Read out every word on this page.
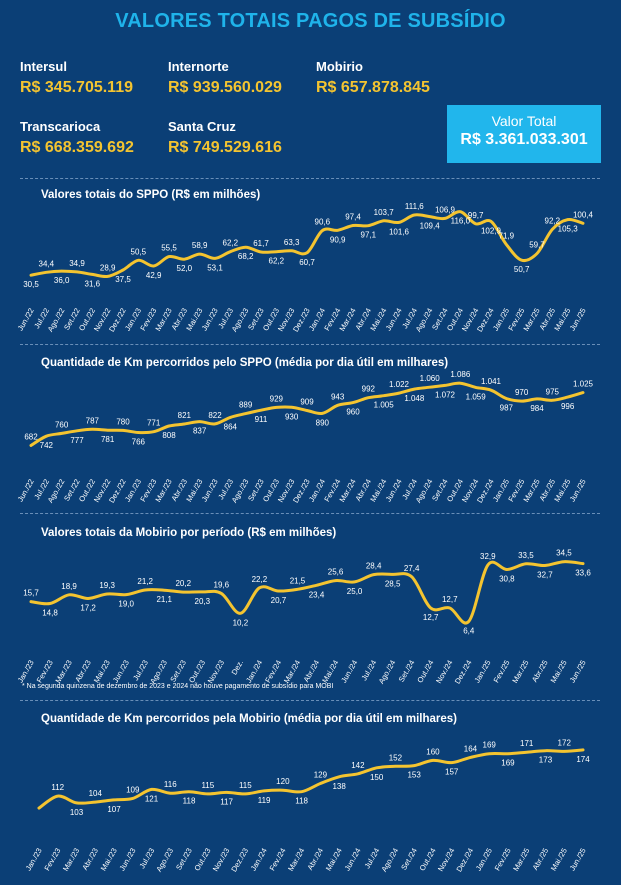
VALORES TOTAIS PAGOS DE SUBSÍDIO
Intersul
R$ 345.705.119
Internorte
R$ 939.560.029
Mobirio
R$ 657.878.845
Transcarioca
R$ 668.359.692
Santa Cruz
R$ 749.529.616
Valor Total
R$ 3.361.033.301
Valores totais do SPPO (R$ em milhões)
30,5
Jun./22
34,4
Jul./22
36,0
Ago./22
34,9
Set./22
31,6
Out./22
28,9
Nov./22
37,5
Dez./22
50,5
Jan./23
42,9
Fev./23
55,5
Mar./23
52,0
Abr./23
58,9
Mai./23
53,1
Jun./23
62,2
Jul./23
68,2
Ago./23
61,7
Set./23
62,2
Out./23
63,3
Nov./23
60,7
Dez./23
90,6
Jan./24
90,9
Fev./24
97,4
Mar./24
97,1
Abr./24
103,7
Mai./24
101,6
Jun./24
111,6
Jul./24
109,4
Ago./24
106,9
Set./24
116,0
Out./24
99,7
Nov./24
102,9
Dez./24
71,9
Jan./25
50,7
Fev./25
59,7
Mar./25
92,2
Abr./25
105,3
Mai./25
100,4
Jun./25
Quantidade de Km percorridos pelo SPPO (média por dia útil em milhares)
682
Jun./22
742
Jul./22
760
Ago./22
777
Set./22
787
Out./22
781
Nov./22
780
Dez./22
766
Jan./23
771
Fev./23
808
Mar./23
821
Abr./23
837
Mai./23
822
Jun./23
864
Jul./23
889
Ago./23
911
Set./23
929
Out./23
930
Nov./23
909
Dez./23
890
Jan./24
943
Fev./24
960
Mar./24
992
Abr./24
1.005
Mai./24
1.022
Jun./24
1.048
Jul./24
1.060
Ago./24
1.072
Set./24
1.086
Out./24
1.059
Nov./24
1.041
Dez./24
987
Jan./25
970
Fev./25
984
Mar./25
975
Abr./25
996
Mai./25
1.025
Jun./25
Valores totais da Mobirio por período (R$ em milhões)
15,7
Jan./23
14,8
Fev./23
18,9
Mar./23
17,2
Abr./23
19,3
Mai./23
19,0
Jun./23
21,2
Jul./23
21,1
Ago./23
20,2
Set./23
20,3
Out./23
19,6
Nov./23
10,2
Dez.
22,2
Jan./24
20,7
Fev./24
21,5
Mar./24
23,4
Abr./24
25,6
Mai./24
25,0
Jun./24
28,4
Jul./24
28,5
Ago./24
27,4
Set./24
12,7
Out./24
12,7
Nov./24
6,4
Dez./24
32,9
Jan./25
30,8
Fev./25
33,5
Mar./25
32,7
Abr./25
34,5
Mai./25
33,6
Jun./25
* Na segunda quinzena de dezembro de 2023 e 2024 não houve pagamento de subsídio para MOBI
Quantidade de Km percorridos pela Mobirio (média por dia útil em milhares)
Jan./23
112
Fev./23
103
Mar./23
104
Abr./23
107
Mai./23
109
Jun./23
121
Jul./23
116
Ago./23
118
Set./23
115
Out./23
117
Nov./23
115
Dez./23
119
Jan./24
120
Fev./24
118
Mar./24
129
Abr./24
138
Mai./24
142
Jun./24
150
Jul./24
152
Ago./24
153
Set./24
160
Out./24
157
Nov./24
164
Dez./24
169
Jan./25
169
Fev./25
171
Mar./25
173
Abr./25
172
Mai./25
174
Jun./25
